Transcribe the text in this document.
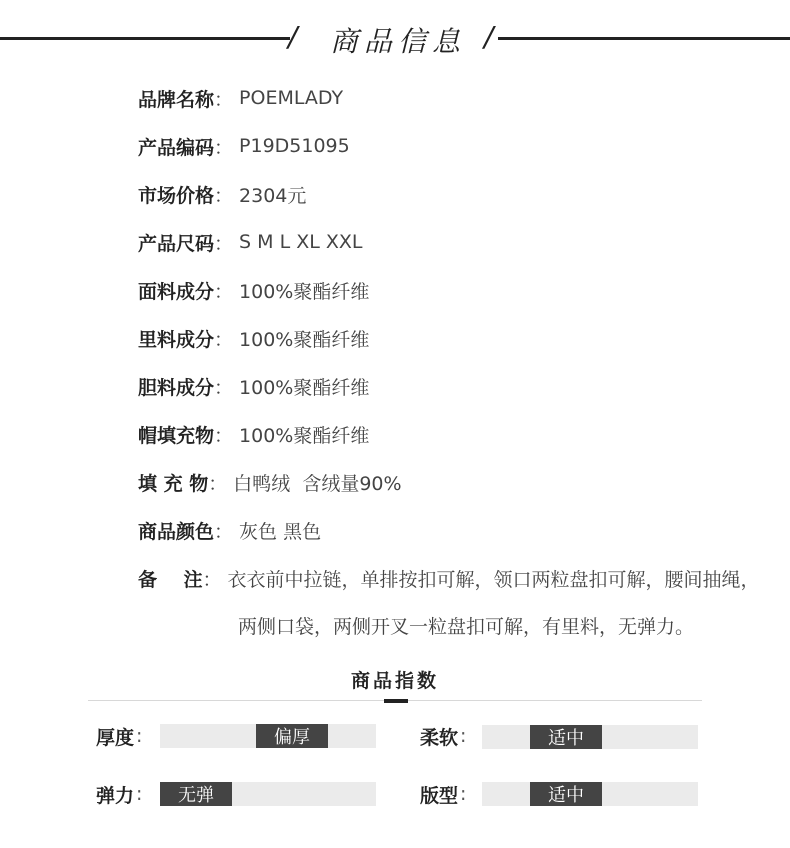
/ 商品信息 /
品牌名称 ： POEMLADY
产品编码 ： P19D51095
市场价格 ： 2304元
产品尺码 ： S M L XL XXL
面料成分 ： 100%聚酯纤维
里料成分 ： 100%聚酯纤维
胆料成分 ： 100%聚酯纤维
帽填充物 ： 100%聚酯纤维
填 充 物 ： 白鸭绒  含绒量90%
商品颜色 ： 灰色 黑色
备    注 ： 衣衣前中拉链，单排按扣可解，领口两粒盘扣可解，腰间抽绳，
两侧口袋，两侧开叉一粒盘扣可解，有里料，无弹力。
商品指数
厚度 :	偏厚	柔软 :	适中
弹力 :	无弹	版型 :	适中
